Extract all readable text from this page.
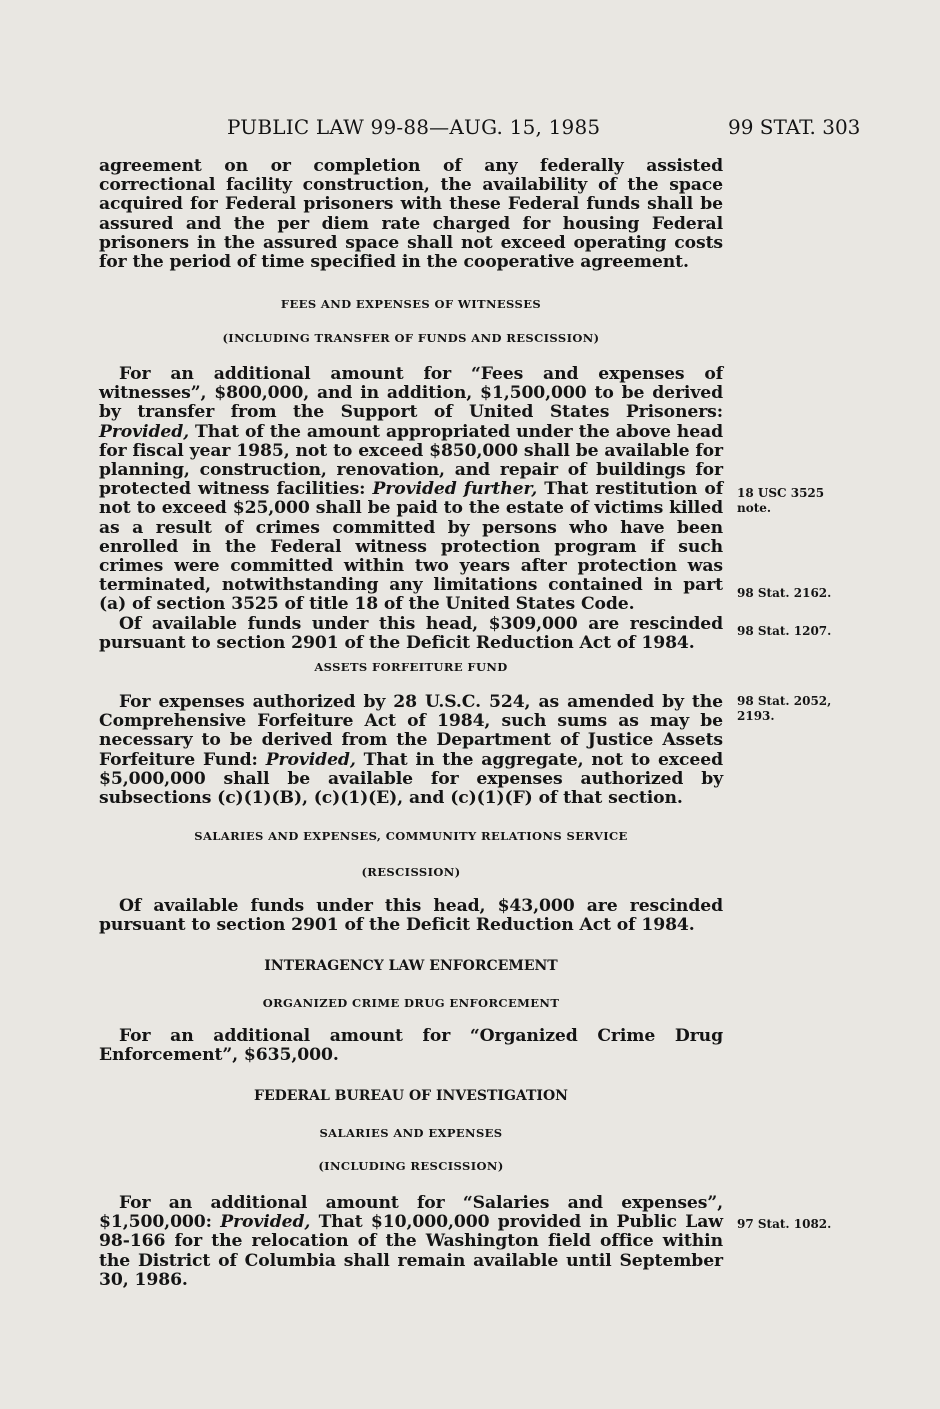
PUBLIC LAW 99-88—AUG. 15, 1985	99 STAT. 303

agreement on or completion of any federally assisted correctional facility construction, the availability of the space acquired for Federal prisoners with these Federal funds shall be assured and the per diem rate charged for housing Federal prisoners in the assured space shall not exceed operating costs for the period of time specified in the cooperative agreement.

FEES AND EXPENSES OF WITNESSES
(INCLUDING TRANSFER OF FUNDS AND RESCISSION)

For an additional amount for “Fees and expenses of witnesses”, $800,000, and in addition, $1,500,000 to be derived by transfer from the Support of United States Prisoners: Provided, That of the amount appropriated under the above head for fiscal year 1985, not to exceed $850,000 shall be available for planning, construction, renovation, and repair of buildings for protected witness facilities: Provided further, That restitution of not to exceed $25,000 shall be paid to the estate of victims killed as a result of crimes committed by persons who have been enrolled in the Federal witness protection program if such crimes were committed within two years after protection was terminated, notwithstanding any limitations contained in part (a) of section 3525 of title 18 of the United States Code.

Of available funds under this head, $309,000 are rescinded pursuant to section 2901 of the Deficit Reduction Act of 1984.

ASSETS FORFEITURE FUND

For expenses authorized by 28 U.S.C. 524, as amended by the Comprehensive Forfeiture Act of 1984, such sums as may be necessary to be derived from the Department of Justice Assets Forfeiture Fund: Provided, That in the aggregate, not to exceed $5,000,000 shall be available for expenses authorized by subsections (c)(1)(B), (c)(1)(E), and (c)(1)(F) of that section.

SALARIES AND EXPENSES, COMMUNITY RELATIONS SERVICE
(RESCISSION)

Of available funds under this head, $43,000 are rescinded pursuant to section 2901 of the Deficit Reduction Act of 1984.

INTERAGENCY LAW ENFORCEMENT
ORGANIZED CRIME DRUG ENFORCEMENT

For an additional amount for “Organized Crime Drug Enforcement”, $635,000.

FEDERAL BUREAU OF INVESTIGATION
SALARIES AND EXPENSES
(INCLUDING RESCISSION)

For an additional amount for “Salaries and expenses”, $1,500,000: Provided, That $10,000,000 provided in Public Law 98-166 for the relocation of the Washington field office within the District of Columbia shall remain available until September 30, 1986.

18 USC 3525
note.
98 Stat. 2162.
98 Stat. 1207.
98 Stat. 2052,
2193.
97 Stat. 1082.
